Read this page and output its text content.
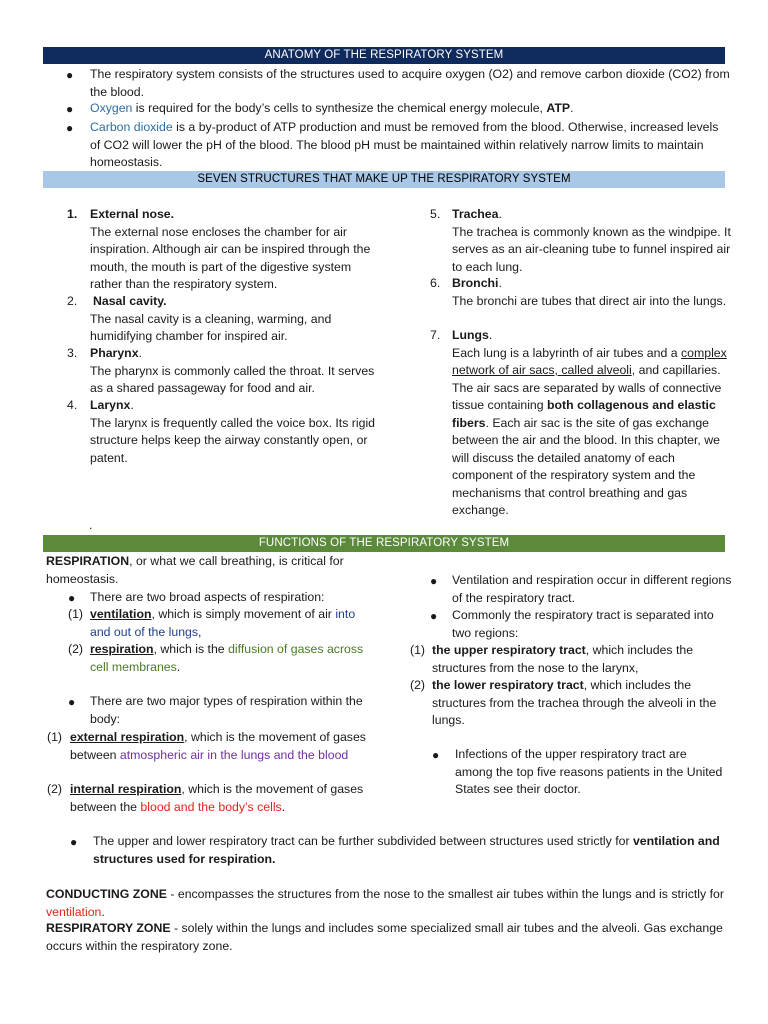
ANATOMY OF THE RESPIRATORY SYSTEM
● The respiratory system consists of the structures used to acquire oxygen (O2) and remove carbon dioxide (CO2) from the blood.
● Oxygen is required for the body’s cells to synthesize the chemical energy molecule, ATP.
● Carbon dioxide is a by-product of ATP production and must be removed from the blood. Otherwise, increased levels of CO2 will lower the pH of the blood. The blood pH must be maintained within relatively narrow limits to maintain homeostasis.
SEVEN STRUCTURES THAT MAKE UP THE RESPIRATORY SYSTEM
1. External nose.
The external nose encloses the chamber for air inspiration. Although air can be inspired through the mouth, the mouth is part of the digestive system rather than the respiratory system.
2. Nasal cavity.
The nasal cavity is a cleaning, warming, and humidifying chamber for inspired air.
3. Pharynx.
The pharynx is commonly called the throat. It serves as a shared passageway for food and air.
4. Larynx.
The larynx is frequently called the voice box. Its rigid structure helps keep the airway constantly open, or patent.
5. Trachea.
The trachea is commonly known as the windpipe. It serves as an air-cleaning tube to funnel inspired air to each lung.
6. Bronchi.
The bronchi are tubes that direct air into the lungs.
7. Lungs.
Each lung is a labyrinth of air tubes and a complex network of air sacs, called alveoli, and capillaries. The air sacs are separated by walls of connective tissue containing both collagenous and elastic fibers. Each air sac is the site of gas exchange between the air and the blood. In this chapter, we will discuss the detailed anatomy of each component of the respiratory system and the mechanisms that control breathing and gas exchange.
.
FUNCTIONS OF THE RESPIRATORY SYSTEM
RESPIRATION, or what we call breathing, is critical for homeostasis.
● There are two broad aspects of respiration:
(1) ventilation, which is simply movement of air into and out of the lungs,
(2) respiration, which is the diffusion of gases across cell membranes.
● There are two major types of respiration within the body:
(1) external respiration, which is the movement of gases between atmospheric air in the lungs and the blood
(2) internal respiration, which is the movement of gases between the blood and the body’s cells.
● Ventilation and respiration occur in different regions of the respiratory tract.
● Commonly the respiratory tract is separated into two regions:
(1) the upper respiratory tract, which includes the structures from the nose to the larynx,
(2) the lower respiratory tract, which includes the structures from the trachea through the alveoli in the lungs.
● Infections of the upper respiratory tract are among the top five reasons patients in the United States see their doctor.
● The upper and lower respiratory tract can be further subdivided between structures used strictly for ventilation and structures used for respiration.
CONDUCTING ZONE - encompasses the structures from the nose to the smallest air tubes within the lungs and is strictly for ventilation.
RESPIRATORY ZONE - solely within the lungs and includes some specialized small air tubes and the alveoli. Gas exchange occurs within the respiratory zone.
